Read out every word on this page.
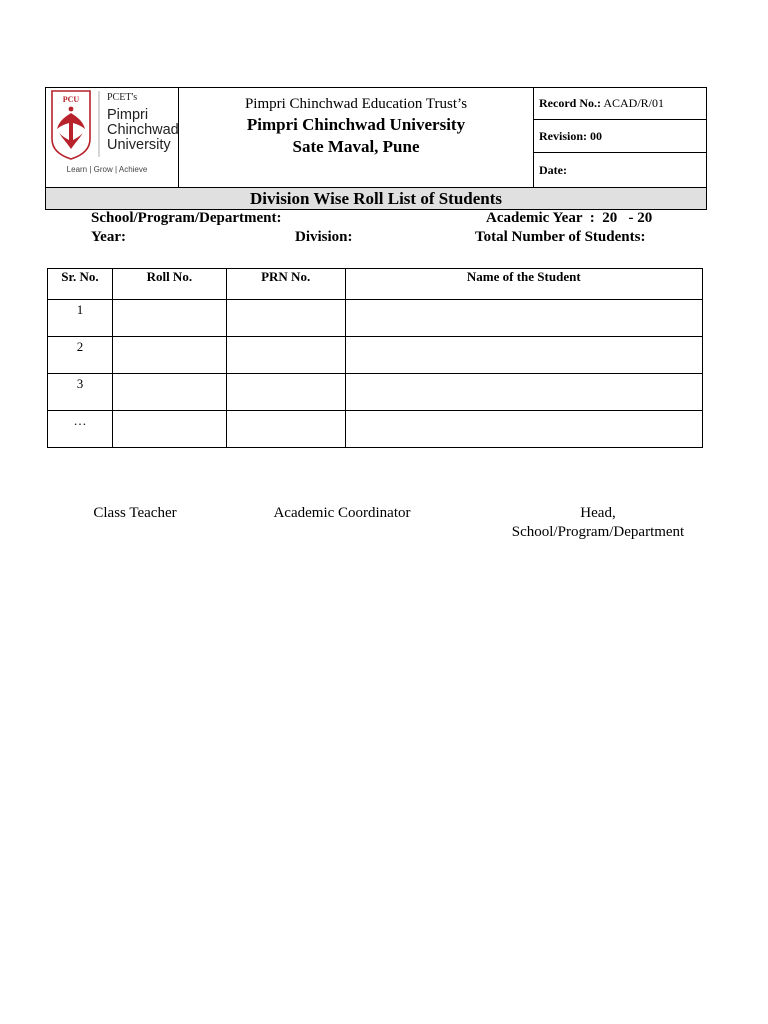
PCU	PCET's
Pimpri
Chinchwad
University
Learn | Grow | Achieve
Pimpri Chinchwad Education Trust’s
Pimpri Chinchwad University
Sate Maval, Pune
Record No.: ACAD/R/01
Revision: 00
Date:
Division Wise Roll List of Students
School/Program/Department:	Academic Year  :  20   - 20
Year:	Division:	Total Number of Students:
Sr. No.	Roll No.	PRN No.	Name of the Student
1			
2			
3			
…			
Class Teacher	Academic Coordinator	Head,
School/Program/Department
